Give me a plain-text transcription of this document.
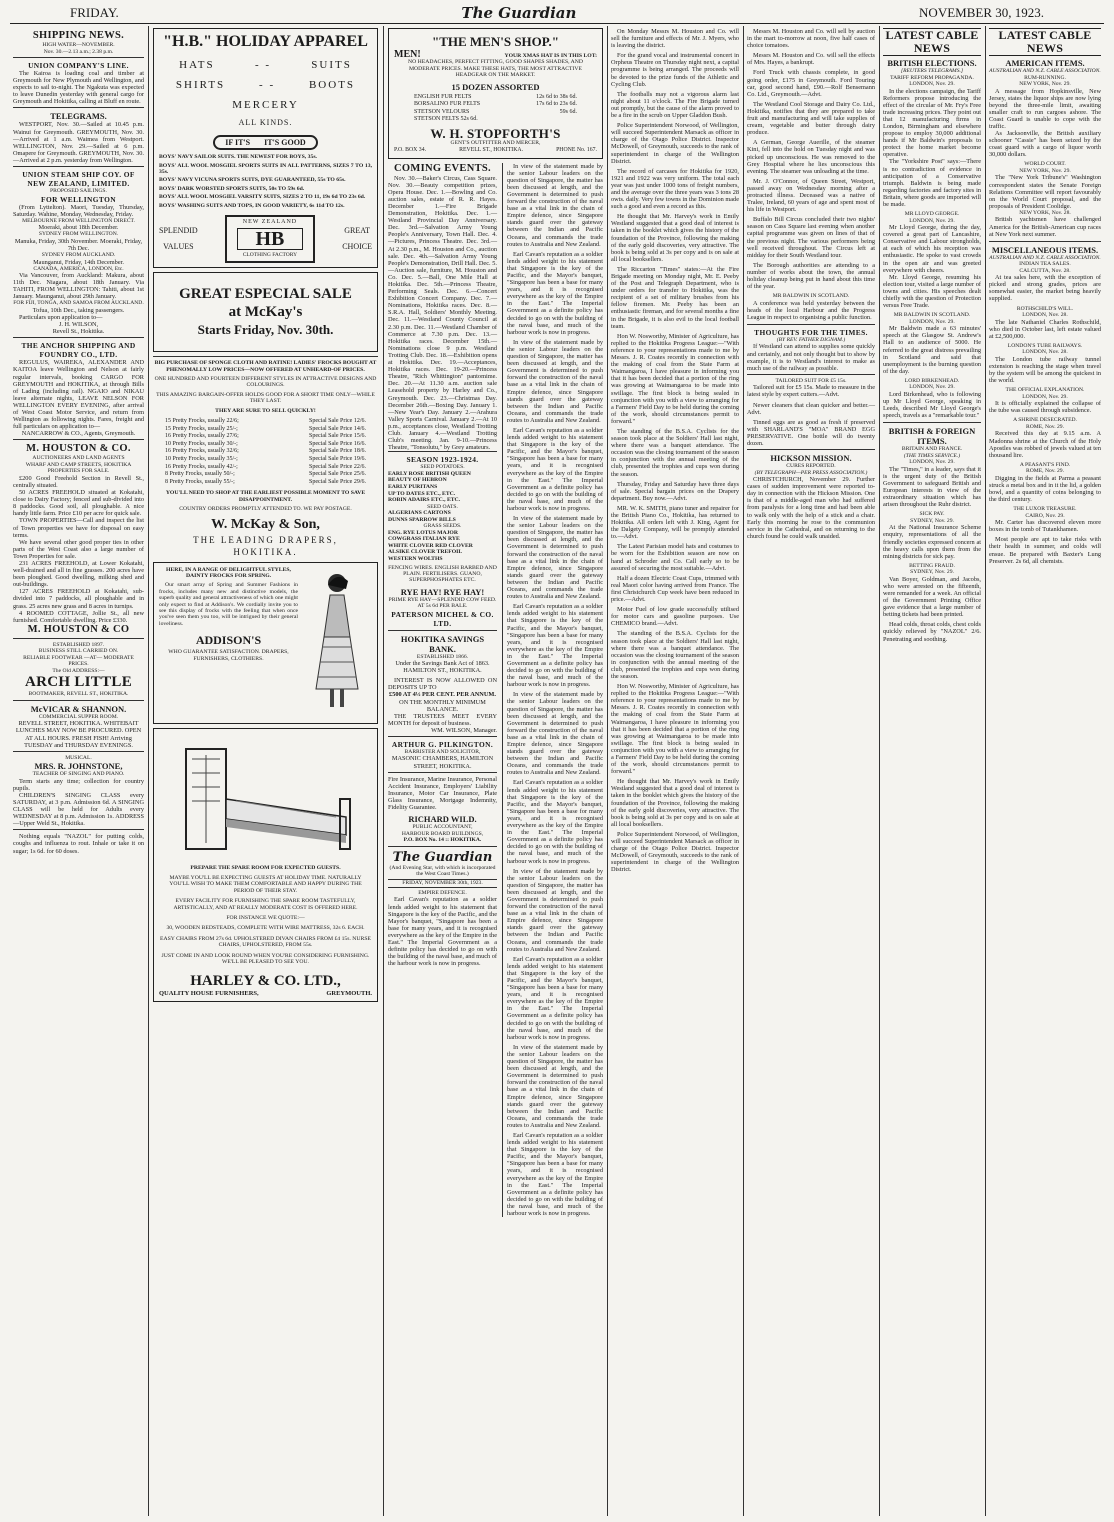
FRIDAY.	The Guardian	NOVEMBER 30, 1923.
SHIPPING NEWS.
HIGH WATER—NOVEMBER.
Nov. 30.—2.13 a.m.; 2.38 p.m.
UNION COMPANY'S LINE.

The Kairoa is loading coal and timber at Greymouth for New Plymouth and Wellington, and expects to sail to-night. The Ngakuta was expected to leave Dunedin yesterday with general cargo for Greymouth and Hokitika, calling at Bluff en route.

TELEGRAMS.

WESTPORT, Nov. 30.—Sailed at 10.45 p.m. Wainui for Greymouth. GREYMOUTH, Nov. 30.—Arrived at 1 a.m. Waimea from Westport. WELLINGTON, Nov. 29.—Sailed at 6 p.m. Omapere for Greymouth. GREYMOUTH, Nov. 30.—Arrived at 2 p.m. yesterday from Wellington.

UNION STEAM SHIP COY. OF NEW ZEALAND, LIMITED.
PROPOSED SAILINGS.
FOR WELLINGTON

(From Lyttelton). Maori, Tuesday, Thursday, Saturday. Wahine, Monday, Wednesday, Friday.

MELBOURNE FROM WELLINGTON DIRECT.

Moeraki, about 18th December.

SYDNEY FROM WELLINGTON.

Manuka, Friday, 30th November. Moeraki, Friday, 7th Dec.

SYDNEY FROM AUCKLAND.

Maunganui, Friday, 14th December.

CANADA, AMERICA, LONDON, Etc.

Via Vancouver, from Auckland: Makura, about 11th Dec. Niagara, about 18th January. Via TAHITI, FROM WELLINGTON: Tahiti, about 1st January. Maunganui, about 29th January.

FOR FIJI, TONGA, AND SAMOA FROM AUCKLAND.

Tofua, 10th Dec., taking passengers.

Particulars upon application to—

J. H. WILSON,
Revell St., Hokitika.
THE ANCHOR SHIPPING AND FOUNDRY CO., LTD.

REGULUS, WAIREKA, ALEXANDER AND KAITOA leave Wellington and Nelson at fairly regular intervals, booking CARGO FOR GREYMOUTH and HOKITIKA, at through Bills of Lading (including rail). NGAIO and NIKAU leave alternate nights, LEAVE NELSON FOR WELLINGTON EVERY EVENING, after arrival of West Coast Motor Service, and return from Wellington as following nights. Fares, freight and full particulars on application to—

NANCARROW & CO., Agents, Greymouth.

M. HOUSTON & CO.
AUCTIONEERS AND LAND AGENTS
WHARF AND CAMP STREETS, HOKITIKA
PROPERTIES FOR SALE.

£200 Good Freehold Section in Revell St., centrally situated.

50 ACRES FREEHOLD situated at Kokatahi, close to Dairy Factory; fenced and sub-divided into 8 paddocks. Good soil, all ploughable. A nice handy little farm. Price £10 per acre for quick sale.

TOWN PROPERTIES—Call and inspect the list of Town properties we have for disposal on easy terms.

We have several other good proper ties in other parts of the West Coast also a large number of Town Properties for sale.

231 ACRES FREEHOLD, at Lower Kokatahi, well-drained and all in fine grasses. 200 acres have been ploughed. Good dwelling, milking shed and out-buildings.

127 ACRES FREEHOLD at Kokatahi, sub-divided into 7 paddocks, all ploughable and in grass. 25 acres new grass and 8 acres in turnips.

4 ROOMED COTTAGE, Jollie St., all new furnished. Comfortable dwelling. Price £330.

M. HOUSTON & CO
ESTABLISHED 1897.
BUSINESS STILL CARRIED ON.
RELIABLE FOOTWEAR —AT— MODERATE PRICES.
The Old ADDRESS:—
ARCH LITTLE
BOOTMAKER, REVELL ST., HOKITIKA.
McVICAR & SHANNON.
COMMERCIAL SUPPER ROOM.

REVELL STREET, HOKITIKA. WHITEBAIT LUNCHES MAY NOW BE PROCURED. OPEN AT ALL HOURS. FRESH FISH! Arriving TUESDAY and THURSDAY EVENINGS.

MUSICAL.
MRS. R. JOHNSTONE,
TEACHER OF SINGING AND PIANO.

Term starts any time; collection for country pupils.

CHILDREN'S SINGING CLASS every SATURDAY, at 3 p.m. Admission 6d. A SINGING CLASS will be held for Adults every WEDNESDAY at 8 p.m. Admission 1s. ADDRESS—Upper Weld St., Hokitika.

Nothing equals "NAZOL" for putting colds, coughs and influenza to rout. Inhale or take it on sugar; 1s 6d. for 60 doses.

"H.B." HOLIDAY APPAREL
HATS	- -	SUITS
SHIRTS	- -	BOOTS
MERCERY
ALL KINDS.
IF IT'S IT'S GOOD

BOYS' NAVY SAILOR SUITS. THE NEWEST FOR BOYS, 35s.

BOYS' ALL WOOL MOSGIEL SPORTS SUITS IN ALL PATTERNS, SIZES 7 TO 13, 35s.

BOYS' NAVY VICUNA SPORTS SUITS, DYE GUARANTEED, 55s TO 65s.

BOYS' DARK WORSTED SPORTS SUITS, 50s TO 59s 6d.

BOYS' ALL WOOL MOSGIEL VARSITY SUITS, SIZES 2 TO 11, 19s 6d TO 23s 6d.

BOYS' WASHING SUITS AND TOPS, IN GOOD VARIETY, 6s 11d TO 12s.

SPLENDID
VALUES
NEW ZEALAND
HB
CLOTHING FACTORY
GREAT
CHOICE
GREAT ESPECIAL SALE
at McKay's
Starts Friday, Nov. 30th.

BIG PURCHASE OF SPONGE CLOTH AND RATINE! LADIES' FROCKS BOUGHT AT PHENOMALLY LOW PRICES—NOW OFFERED AT UNHEARD-OF PRICES.

ONE HUNDRED AND FOURTEEN DIFFERENT STYLES IN ATTRACTIVE DESIGNS AND COLOURINGS.

THIS AMAZING BARGAIN-OFFER HOLDS GOOD FOR A SHORT TIME ONLY—WHILE THEY LAST.

THEY ARE SURE TO SELL QUICKLY!

15 Pretty Frocks, usually 22/6;	Special Sale Price 12/6.
15 Pretty Frocks, usually 25/-;	Special Sale Price 14/6.
16 Pretty Frocks, usually 27/6;	Special Sale Price 15/6.
10 Pretty Frocks, usually 30/-;	Special Sale Price 16/6.
16 Pretty Frocks, usually 32/6;	Special Sale Price 18/6.
10 Pretty Frocks, usually 35/-;	Special Sale Price 19/6.
16 Pretty Frocks, usually 42/-;	Special Sale Price 22/6.
8 Pretty Frocks, usually 50/-;	Special Sale Price 25/6.
8 Pretty Frocks, usually 55/-;	Special Sale Price 29/6.

YOU'LL NEED TO SHOP AT THE EARLIEST POSSIBLE MOMENT TO SAVE DISAPPOINTMENT.

COUNTRY ORDERS PROMPTLY ATTENDED TO. WE PAY POSTAGE.

W. McKay & Son,
THE LEADING DRAPERS,
HOKITIKA.

HERE, IN A RANGE OF DELIGHTFUL STYLES, DAINTY FROCKS FOR SPRING.

Our smart array of Spring and Summer Fashions in frocks, includes many new and distinctive models, the superb quality and general attractiveness of which one might only expect to find at Addison's. We cordially invite you to see this display of frocks with the feeling that when once you've seen them you too, will be intrigued by their general loveliness.

ADDISON'S

WHO GUARANTEE SATISFACTION. DRAPERS, FURNISHERS, CLOTHIERS.

PREPARE THE SPARE ROOM FOR EXPECTED GUESTS.

MAYBE YOU'LL BE EXPECTING GUESTS AT HOLIDAY TIME. NATURALLY YOU'LL WISH TO MAKE THEM COMFORTABLE AND HAPPY DURING THE PERIOD OF THEIR STAY.

EVERY FACILITY FOR FURNISHING THE SPARE ROOM TASTEFULLY, ARTISTICALLY, AND AT REALLY MODERATE COST IS OFFERED HERE.

FOR INSTANCE WE QUOTE:—

30, WOODEN BEDSTEADS, COMPLETE WITH WIRE MATTRESS, 32s 6. EACH.

EASY CHAIRS FROM 27s 6d. UPHOLSTERED DIVAN CHAIRS FROM £4 15s. NURSE CHAIRS, UPHOLSTERED, FROM 55s.

JUST COME IN AND LOOK ROUND WHEN YOU'RE CONSIDERING FURNISHING. WE'LL BE PLEASED TO SEE YOU.

HARLEY & CO. LTD.,
QUALITY HOUSE FURNISHERS,	GREYMOUTH.
"THE MEN'S SHOP."
MEN!	YOUR XMAS HAT IS IN THIS LOT:

NO HEADACHES, PERFECT FITTING, GOOD SHAPES SHADES, AND MODERATE PRICES. MAKE THESE HATS, THE MOST ATTRACTIVE HEADGEAR ON THE MARKET.

15 DOZEN ASSORTED
ENGLISH FUR FELTS	12s 6d to 38s 6d.
BORSALINO FUR FELTS	17s 6d to 23s 6d.
STETSON VELOURS	59s 6d.
STETSON FELTS 52s 6d.
W. H. STOPFORTH'S
GENT'S OUTFITTER AND MERCER,
P.O. BOX 34.	REVELL ST., HOKITIKA.	PHONE No. 167.
COMING EVENTS.

Nov. 30.—Baker's Circus, Cass Square. Nov. 30.—Beauty competition prizes, Opera House. Dec. 1.—Bowling and Co. auction sales, estate of R. R. Hayes. December 1.—Fire Brigade Demonstration, Hokitika. Dec. 1.—Westland Provincial Day Anniversary. Dec. 3rd.—Salvation Army Young People's Anniversary, Town Hall. Dec. 4.—Pictures, Princess Theatre. Dec. 3rd.—At 2.30 p.m., M. Houston and Co., auction sale. Dec. 4th.—Salvation Army Young People's Demonstration, Drill Hall. Dec. 5.—Auction sale, furniture, M. Houston and Co. Dec. 5.—Ball, One Mile Hall at Hokitika. Dec. 5th.—Princess Theatre, Performing Seals. Dec. 6.—Concert Exhibition Concert Company. Dec. 7.—Nominations, Hokitika races. Dec. 8.—S.R.A. Hall, Soldiers' Monthly Meeting. Dec. 11.—Westland County Council at 2.30 p.m. Dec. 11.—Westland Chamber of Commerce at 7.30 p.m. Dec. 13.—Hokitika races. December 15th.—Nominations close 9 p.m. Westland Trotting Club. Dec. 18.—Exhibition opens at Hokitika. Dec. 19.—Acceptances, Hokitika races. Dec. 19-20.—Princess Theatre, "Rich Whittington" pantomime. Dec. 20.—At 11.30 a.m. auction sale Leasehold property by Harley and Co., Greymouth. Dec. 23.—Christmas Day. December 26th.—Boxing Day. January 1.—New Year's Day. January 2.—Arahura Valley Sports Carnival. January 2.—At 10 p.m., acceptances close, Westland Trotting Club. January 4.—Westland Trotting Club's meeting. Jan. 9-10.—Princess Theatre, "Tonsolutu," by Grey amateurs.

SEASON 1923-1924.
SEED POTATOES.
EARLY ROSE BRITISH QUEEN
BEAUTY OF HEBRON
EARLY PURITANS
UP TO DATES ETC., ETC.
ROBIN ADAIRS ETC., ETC.
SEED OATS.
ALGERIANS CARTONS
DUNNS SPARROW BILLS
GRASS SEEDS.
ENG. RYE LOTUS MAJOR
COWGRASS ITALIAN RYE
WHITE CLOVER RED CLOVER
ALSIKE CLOVER TREFOIL
WESTERN WOLTHS

FENCING WIRES. ENGLISH BARBED AND PLAIN. FERTILISERS. GUANO, SUPERPHOSPHATES ETC.

RYE HAY! RYE HAY!

PRIME RYE HAY—SPLENDID COW FEED. AT 5s 6d PER BALE.

PATERSON MICHEL & CO. LTD.
HOKITIKA SAVINGS BANK.
ESTABLISHED 1866.

Under the Savings Bank Act of 1863. HAMILTON ST., HOKITIKA.

INTEREST IS NOW ALLOWED ON DEPOSITS UP TO

£500 AT 4½ PER CENT. PER ANNUM.

ON THE MONTHLY MINIMUM BALANCE.

THE TRUSTEES MEET EVERY MONTH for deposit of business.

WM. WILSON, Manager.

ARTHUR G. PILKINGTON.
BARRISTER AND SOLICITOR,

MASONIC CHAMBERS, HAMILTON STREET, HOKITIKA.

Fire Insurance, Marine Insurance, Personal Accident Insurance, Employers' Liability Insurance, Motor Car Insurance, Plate Glass Insurance, Mortgage Indemnity, Fidelity Guarantee.

RICHARD WILD.
PUBLIC ACCOUNTANT,
HARBOUR BOARD BUILDINGS,
P.O. BOX No. 14 :: HOKITIKA.
The Guardian

(And Evening Star, with which is incorporated the West Coast Times.)

FRIDAY, NOVEMBER 30th, 1923.
EMPIRE DEFENCE.

Earl Cavan's reputation as a soldier lends added weight to his statement that Singapore is the key of the Pacific, and the Mayor's banquet, "Singapore has been a base for many years, and it is recognised everywhere as the key of the Empire in the East." The Imperial Government as a definite policy has decided to go on with the building of the naval base, and much of the harbour work is now in progress.

In view of the statement made by the senior Labour leaders on the question of Singapore, the matter has been discussed at length, and the Government is determined to push forward the construction of the naval base as a vital link in the chain of Empire defence, since Singapore stands guard over the gateway between the Indian and Pacific Oceans, and commands the trade routes to Australia and New Zealand.

Earl Cavan's reputation as a soldier lends added weight to his statement that Singapore is the key of the Pacific, and the Mayor's banquet, "Singapore has been a base for many years, and it is recognised everywhere as the key of the Empire in the East." The Imperial Government as a definite policy has decided to go on with the building of the naval base, and much of the harbour work is now in progress.

In view of the statement made by the senior Labour leaders on the question of Singapore, the matter has been discussed at length, and the Government is determined to push forward the construction of the naval base as a vital link in the chain of Empire defence, since Singapore stands guard over the gateway between the Indian and Pacific Oceans, and commands the trade routes to Australia and New Zealand.

Earl Cavan's reputation as a soldier lends added weight to his statement that Singapore is the key of the Pacific, and the Mayor's banquet, "Singapore has been a base for many years, and it is recognised everywhere as the key of the Empire in the East." The Imperial Government as a definite policy has decided to go on with the building of the naval base, and much of the harbour work is now in progress.

In view of the statement made by the senior Labour leaders on the question of Singapore, the matter has been discussed at length, and the Government is determined to push forward the construction of the naval base as a vital link in the chain of Empire defence, since Singapore stands guard over the gateway between the Indian and Pacific Oceans, and commands the trade routes to Australia and New Zealand.

Earl Cavan's reputation as a soldier lends added weight to his statement that Singapore is the key of the Pacific, and the Mayor's banquet, "Singapore has been a base for many years, and it is recognised everywhere as the key of the Empire in the East." The Imperial Government as a definite policy has decided to go on with the building of the naval base, and much of the harbour work is now in progress.

In view of the statement made by the senior Labour leaders on the question of Singapore, the matter has been discussed at length, and the Government is determined to push forward the construction of the naval base as a vital link in the chain of Empire defence, since Singapore stands guard over the gateway between the Indian and Pacific Oceans, and commands the trade routes to Australia and New Zealand.

Earl Cavan's reputation as a soldier lends added weight to his statement that Singapore is the key of the Pacific, and the Mayor's banquet, "Singapore has been a base for many years, and it is recognised everywhere as the key of the Empire in the East." The Imperial Government as a definite policy has decided to go on with the building of the naval base, and much of the harbour work is now in progress.

In view of the statement made by the senior Labour leaders on the question of Singapore, the matter has been discussed at length, and the Government is determined to push forward the construction of the naval base as a vital link in the chain of Empire defence, since Singapore stands guard over the gateway between the Indian and Pacific Oceans, and commands the trade routes to Australia and New Zealand.

Earl Cavan's reputation as a soldier lends added weight to his statement that Singapore is the key of the Pacific, and the Mayor's banquet, "Singapore has been a base for many years, and it is recognised everywhere as the key of the Empire in the East." The Imperial Government as a definite policy has decided to go on with the building of the naval base, and much of the harbour work is now in progress.

In view of the statement made by the senior Labour leaders on the question of Singapore, the matter has been discussed at length, and the Government is determined to push forward the construction of the naval base as a vital link in the chain of Empire defence, since Singapore stands guard over the gateway between the Indian and Pacific Oceans, and commands the trade routes to Australia and New Zealand.

Earl Cavan's reputation as a soldier lends added weight to his statement that Singapore is the key of the Pacific, and the Mayor's banquet, "Singapore has been a base for many years, and it is recognised everywhere as the key of the Empire in the East." The Imperial Government as a definite policy has decided to go on with the building of the naval base, and much of the harbour work is now in progress.

On Monday Messrs M. Houston and Co. will sell the furniture and effects of Mr. J. Myers, who is leaving the district.

For the grand vocal and instrumental concert in Orpheus Theatre on Thursday night next, a capital programme is being arranged. The proceeds will be devoted to the prize funds of the Athletic and Cycling Club.

The footballs may not a vigorous alarm last night about 11 o'clock. The Fire Brigade turned out promptly, but the cause of the alarm proved to be a fire in the scrub on Upper Gladdon Bush.

Police Superintendent Norwood, of Wellington, will succeed Superintendent Marsack as officer in charge of the Otago Police District. Inspector McDowell, of Greymouth, succeeds to the rank of superintendent in charge of the Wellington District.

The record of carcases for Hokitika for 1920, 1921 and 1922 was very uniform. The total each year was just under 1000 tons of freight numbers, and the average over the three years was 3 tons 28 owts. daily. Very few towns in the Dominion made such a good and even a record as this.

He thought that Mr. Harvey's work in Emily Westland suggested that a good deal of interest is taken in the booklet which gives the history of the foundation of the Province, following the making of the early gold discoveries, very attractive. The book is being sold at 3s per copy and is on sale at all local booksellers.

The Riccarton "Times" states:—At the Fire Brigade meeting on Monday night, Mr. E. Peeby of the Post and Telegraph Department, who is under orders for transfer to Hokitika, was the recipient of a set of military brushes from his fellow firemen. Mr. Peeby has been an enthusiastic fireman, and for several months a fine in the Brigade, it is also evil to the local football team.

Hon W. Nosworthy, Minister of Agriculture, has replied to the Hokitika Progress League:—"With reference to your representations made to me by Messrs. J. R. Coates recently in connection with the making of coal from the State Farm at Waimangaroa, I have pleasure in informing you that it has been decided that a portion of the ring was growing at Waimangaroa to be made into swillage. The first block is being sealed in conjunction with you with a view to arranging for a Farmers' Field Day to be held during the coming of the work, should circumstances permit to forward."

The standing of the B.S.A. Cyclists for the season took place at the Soldiers' Hall last night, where there was a banquet attendance. The occasion was the closing tournament of the season in conjunction with the annual meeting of the club, presented the trophies and cups won during the season.

Thursday, Friday and Saturday have three days of sale. Special bargain prices on the Drapery department. Buy now.—Advt.

MR. W. K. SMITH, piano tuner and repairer for the British Piano Co., Hokitika, has returned to Hokitika. All orders left with J. King, Agent for the Dalgety Company, will be promptly attended to.—Advt.

The Latest Parisian model hats and costumes to be worn for the Exhibition season are now on hand at Schroder and Co. Call early so to be assured of securing the most suitable.—Advt.

Half a dozen Electric Coast Cups, trimmed with real Maori color having arrived from France. The first Christchurch Cup week have been reduced in price.—Advt.

Motor Fuel of low grade successfully utilised for motor cars and gasoline purposes. Use CHEMICO brand.—Advt.

The standing of the B.S.A. Cyclists for the season took place at the Soldiers' Hall last night, where there was a banquet attendance. The occasion was the closing tournament of the season in conjunction with the annual meeting of the club, presented the trophies and cups won during the season.

Hon W. Nosworthy, Minister of Agriculture, has replied to the Hokitika Progress League:—"With reference to your representations made to me by Messrs. J. R. Coates recently in connection with the making of coal from the State Farm at Waimangaroa, I have pleasure in informing you that it has been decided that a portion of the ring was growing at Waimangaroa to be made into swillage. The first block is being sealed in conjunction with you with a view to arranging for a Farmers' Field Day to be held during the coming of the work, should circumstances permit to forward."

He thought that Mr. Harvey's work in Emily Westland suggested that a good deal of interest is taken in the booklet which gives the history of the foundation of the Province, following the making of the early gold discoveries, very attractive. The book is being sold at 3s per copy and is on sale at all local booksellers.

Police Superintendent Norwood, of Wellington, will succeed Superintendent Marsack as officer in charge of the Otago Police District. Inspector McDowell, of Greymouth, succeeds to the rank of superintendent in charge of the Wellington District.

Messrs M. Houston and Co. will sell by auction in the mart to-morrow at noon, five half cases of choice tomatoes.

Messrs M. Houston and Co. will sell the effects of Mrs. Hayes, a bankrupt.

Ford Truck with chassis complete, in good going order, £175 in Greymouth. Ford Touring car, good second hand, £90.—Rolf Bensemann Co. Ltd., Greymouth.—Advt.

The Westland Cool Storage and Dairy Co. Ltd., Hokitika, notifies that they are prepared to take fruit and manufacturing and will take supplies of cream, vegetable and butter through dairy produce.

A German, George Auerille, of the steamer Kini, fell into the hold on Tuesday night and was picked up unconscious. He was removed to the Grey Hospital where he lies unconscious this evening. The steamer was unloading at the time.

Mr. J. O'Connor, of Queen Street, Westport, passed away on Wednesday morning after a protracted illness. Deceased was a native of Tralee, Ireland, 60 years of age and spent most of his life in Westport.

Buffalo Bill Circus concluded their two nights' season on Cass Square last evening when another capital programme was given on lines of that of the previous night. The various performers being well received throughout. The Circus left at midday for their South Westland tour.

The Borough authorities are attending to a number of works about the town, the annual holiday cleanup being put in hand about this time of the year.

MR BALDWIN IN SCOTLAND.

A conference was held yesterday between the heads of the local Harbour and the Progress League in respect to organising a public function.

THOUGHTS FOR THE TIMES.
(BY REV. FATHER DIGNAM.)

If Westland can attend to supplies some quickly and certainly, and not only thought but to show by example, it is to Westland's interest to make as much use of the railway as possible.

TAILORED SUIT FOR £5 15s.

Tailored suit for £5 15s. Made to measure in the latest style by expert cutters.—Advt.

Newer cleaners that clean quicker and better.—Advt.

Tinned eggs are as good as fresh if preserved with SHARLAND'S "MOA" BRAND EGG PRESERVATIVE. One bottle will do twenty dozen.

HICKSON MISSION.
CURES REPORTED.
(BY TELEGRAPH—PER PRESS ASSOCIATION.)

CHRISTCHURCH, November 29. Further cases of sudden improvement were reported to-day in connection with the Hickson Mission. One is that of a middle-aged man who had suffered from paralysis for a long time and had been able to walk only with the help of a stick and a chair. Early this morning he rose to the communion service in the Cathedral, and on returning to the church found he could walk unaided.

LATEST CABLE NEWS
BRITISH ELECTIONS.
[REUTERS TELEGRAMS.]
TARIFF REFORM PROPAGANDA.
LONDON, Nov. 29.

In the elections campaign, the Tariff Reformers propose introducing the effect of the circular of Mr. Fry's Free trade increasing prices. They point out that 12 manufacturing firms in London, Birmingham and elsewhere propose to employ 30,000 additional hands if Mr Baldwin's proposals to protect the home market become operative.

The "Yorkshire Post" says:—There is no contradiction of evidence in anticipation of a Conservative triumph. Baldwin is being made regarding factories and factory sites in Britain, where goods are imported will be made.

MR LLOYD GEORGE.
LONDON, Nov. 29.

Mr Lloyd George, during the day, covered a great part of Lancashire, Conservative and Labour strongholds, at each of which his reception was enthusiastic. He spoke to vast crowds in the open air and was greeted everywhere with cheers.

Mr. Lloyd George, resuming his election tour, visited a large number of towns and cities. His speeches dealt chiefly with the question of Protection versus Free Trade.

MR BALDWIN IN SCOTLAND.
LONDON, Nov. 29.

Mr Baldwin made a 63 minutes' speech at the Glasgow St. Andrew's Hall to an audience of 5000. He referred to the great distress prevailing in Scotland and said that unemployment is the burning question of the day.

LORD BIRKENHEAD.
LONDON, Nov. 29.

Lord Birkenhead, who is following up Mr Lloyd George, speaking in Leeds, described Mr Lloyd George's speech, travels as a "remarkable tour."

BRITISH & FOREIGN ITEMS.
BRITAIN AND FRANCE.
(THE TIMES SERVICE.)
LONDON, Nov. 29.

The "Times," in a leader, says that it is the urgent duty of the British Government to safeguard British and European interests in view of the extraordinary situation which has arisen throughout the Ruhr district.

SICK PAY.
SYDNEY, Nov. 29.

At the National Insurance Scheme enquiry, representations of all the friendly societies expressed concern at the heavy calls upon them from the mining districts for sick pay.

BETTING FRAUD.
SYDNEY, Nov. 29.

Van Boyer, Goldman, and Jacobs, who were arrested on the fifteenth, were remanded for a week. An official of the Government Printing Office gave evidence that a large number of betting tickets had been printed.

Head colds, throat colds, chest colds quickly relieved by "NAZOL" 2/6. Penetrating and soothing.

LATEST CABLE NEWS
AMERICAN ITEMS.
AUSTRALIAN AND N.Z. CABLE ASSOCIATION.
RUM-RUNNING.
NEW YORK, Nov. 29.

A message from Hopkinsville, New Jersey, states the liquor ships are now lying beyond the three-mile limit, awaiting smaller craft to run cargoes ashore. The Coast Guard is unable to cope with the traffic.

As Jacksonville, the British auxiliary schooner "Cassie" has been seized by the coast guard with a cargo of liquor worth 30,000 dollars.

WORLD COURT.
NEW YORK, Nov. 29.

The "New York Tribune's" Washington correspondent states the Senate Foreign Relations Committee will report favourably on the World Court proposal, and the proposals of President Coolidge.

NEW YORK, Nov. 28.

British yachtsmen have challenged America for the British-American cup races at New York next summer.

MISCELLANEOUS ITEMS.
AUSTRALIAN AND N.Z. CABLE ASSOCIATION.
INDIAN TEA SALES.
CALCUTTA, Nov. 28.

At tea sales here, with the exception of picked and strong grades, prices are somewhat easier, the market being heavily supplied.

ROTHSCHILD'S WILL.
LONDON, Nov. 28.

The late Nathaniel Charles Rothschild, who died in October last, left estate valued at £2,500,000.

LONDON'S TUBE RAILWAYS.
LONDON, Nov. 28.

The London tube railway tunnel extension is reaching the stage when travel by the system will be among the quickest in the world.

THE OFFICIAL EXPLANATION.
LONDON, Nov. 29.

It is officially explained the collapse of the tube was caused through subsidence.

A SHRINE DESECRATED.
ROME, Nov. 29.

Received this day at 9.15 a.m. A Madonna shrine at the Church of the Holy Apostles was robbed of jewels valued at ten thousand lire.

A PEASANT'S FIND.
ROME, Nov. 29.

Digging in the fields at Parma a peasant struck a metal box and in it the lid, a golden bowl, and a quantity of coins belonging to the third century.

THE LUXOR TREASURE.
CAIRO, Nov. 29.

Mr. Carter has discovered eleven more boxes in the tomb of Tutankhamen.

Most people are apt to take risks with their health in summer, and colds will ensue. Be prepared with Baxter's Lung Preserver. 2s 6d, all chemists.
